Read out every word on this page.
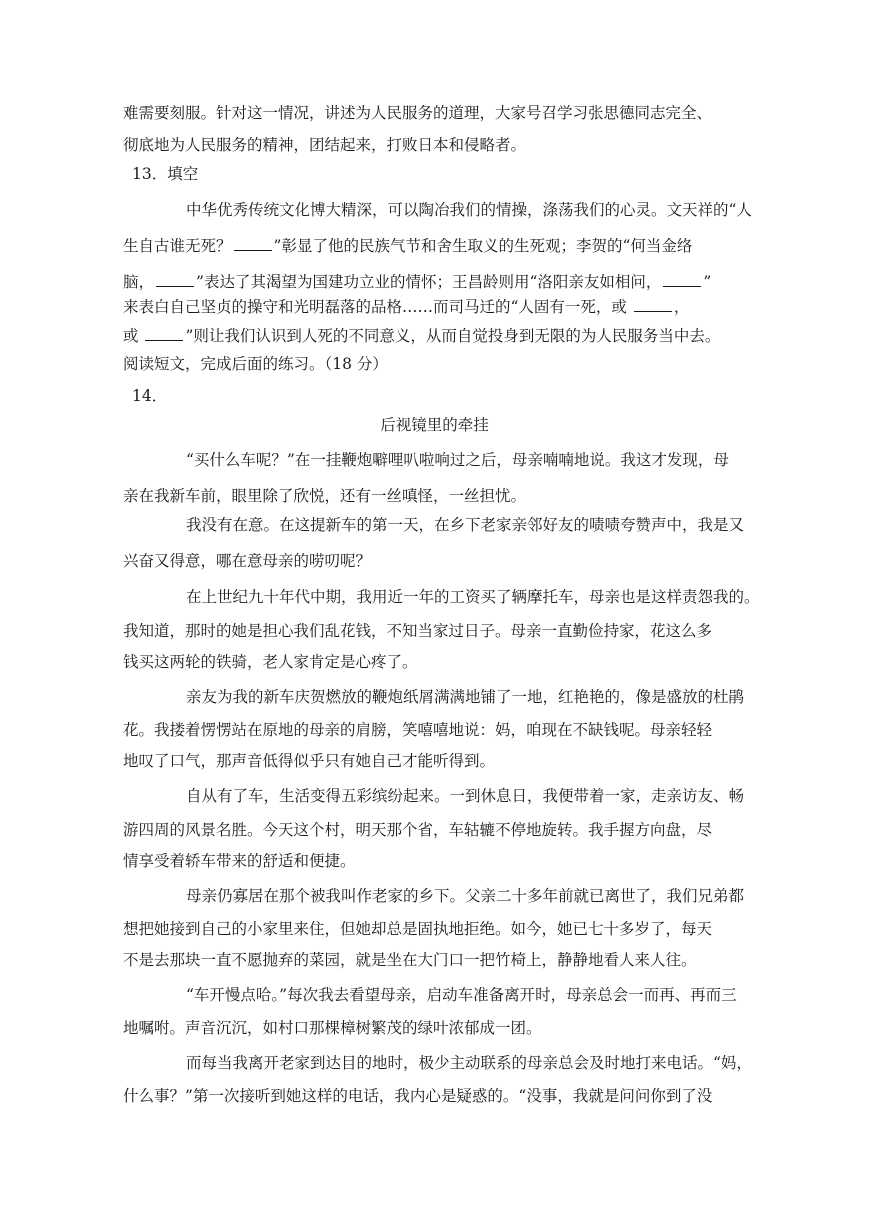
难需要刻服。针对这一情况，讲述为人民服务的道理，大家号召学习张思德同志完全、
彻底地为人民服务的精神，团结起来，打败日本和侵略者。
13．填空
中华优秀传统文化博大精深，可以陶冶我们的情操，涤荡我们的心灵。文天祥的“人
生自古谁无死？	”彰显了他的民族气节和舍生取义的生死观；李贺的“何当金络
脑，	”表达了其渴望为国建功立业的情怀；王昌龄则用“洛阳亲友如相问，	”
来表白自己坚贞的操守和光明磊落的品格……而司马迁的“人固有一死，或	，
或	”则让我们认识到人死的不同意义，从而自觉投身到无限的为人民服务当中去。
阅读短文，完成后面的练习。（18 分）
14．
后视镜里的牵挂
“买什么车呢？”在一挂鞭炮噼哩叭啦响过之后，母亲喃喃地说。我这才发现，母
亲在我新车前，眼里除了欣悦，还有一丝嗔怪，一丝担忧。
我没有在意。在这提新车的第一天，在乡下老家亲邻好友的啧啧夸赞声中，我是又
兴奋又得意，哪在意母亲的唠叨呢？
在上世纪九十年代中期，我用近一年的工资买了辆摩托车，母亲也是这样责怨我的。
我知道，那时的她是担心我们乱花钱，不知当家过日子。母亲一直勤俭持家，花这么多
钱买这两轮的铁骑，老人家肯定是心疼了。
亲友为我的新车庆贺燃放的鞭炮纸屑满满地铺了一地，红艳艳的，像是盛放的杜鹃
花。我搂着愣愣站在原地的母亲的肩膀，笑嘻嘻地说：妈，咱现在不缺钱呢。母亲轻轻
地叹了口气，那声音低得似乎只有她自己才能听得到。
自从有了车，生活变得五彩缤纷起来。一到休息日，我便带着一家，走亲访友、畅
游四周的风景名胜。今天这个村，明天那个省，车轱辘不停地旋转。我手握方向盘，尽
情享受着轿车带来的舒适和便捷。
母亲仍寡居在那个被我叫作老家的乡下。父亲二十多年前就已离世了，我们兄弟都
想把她接到自己的小家里来住，但她却总是固执地拒绝。如今，她已七十多岁了，每天
不是去那块一直不愿抛弃的菜园，就是坐在大门口一把竹椅上，静静地看人来人往。
“车开慢点哈。”每次我去看望母亲，启动车准备离开时，母亲总会一而再、再而三
地嘱咐。声音沉沉，如村口那棵樟树繁茂的绿叶浓郁成一团。
而每当我离开老家到达目的地时，极少主动联系的母亲总会及时地打来电话。“妈，
什么事？”第一次接听到她这样的电话，我内心是疑惑的。“没事，我就是问问你到了没
